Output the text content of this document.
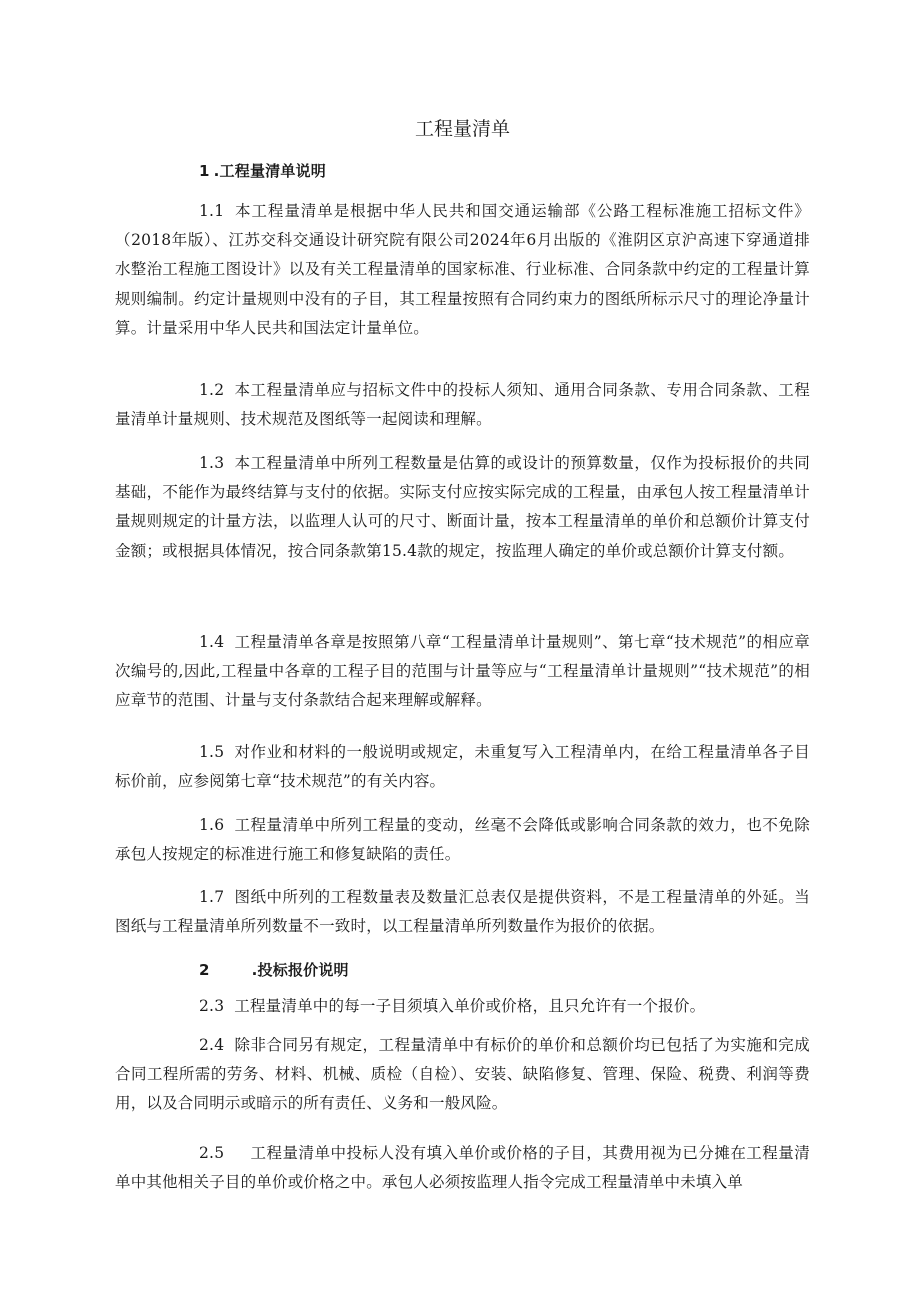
工程量清单
1 .工程量清单说明
1.1 本工程量清单是根据中华人民共和国交通运输部《公路工程标准施工招标文件》（2018年版）、江苏交科交通设计研究院有限公司2024年6月出版的《淮阴区京沪高速下穿通道排水整治工程施工图设计》以及有关工程量清单的国家标准、行业标准、合同条款中约定的工程量计算规则编制。约定计量规则中没有的子目，其工程量按照有合同约束力的图纸所标示尺寸的理论净量计算。计量采用中华人民共和国法定计量单位。
1.2 本工程量清单应与招标文件中的投标人须知、通用合同条款、专用合同条款、工程量清单计量规则、技术规范及图纸等一起阅读和理解。
1.3 本工程量清单中所列工程数量是估算的或设计的预算数量，仅作为投标报价的共同基础，不能作为最终结算与支付的依据。实际支付应按实际完成的工程量，由承包人按工程量清单计量规则规定的计量方法，以监理人认可的尺寸、断面计量，按本工程量清单的单价和总额价计算支付金额；或根据具体情况，按合同条款第15.4款的规定，按监理人确定的单价或总额价计算支付额。
1.4 工程量清单各章是按照第八章“工程量清单计量规则”、第七章“技术规范”的相应章次编号的,因此,工程量中各章的工程子目的范围与计量等应与“工程量清单计量规则”“技术规范”的相应章节的范围、计量与支付条款结合起来理解或解释。
1.5 对作业和材料的一般说明或规定，未重复写入工程清单内，在给工程量清单各子目标价前，应参阅第七章“技术规范”的有关内容。
1.6 工程量清单中所列工程量的变动，丝毫不会降低或影响合同条款的效力，也不免除承包人按规定的标准进行施工和修复缺陷的责任。
1.7 图纸中所列的工程数量表及数量汇总表仅是提供资料，不是工程量清单的外延。当图纸与工程量清单所列数量不一致时，以工程量清单所列数量作为报价的依据。
2	.投标报价说明
2.3 工程量清单中的每一子目须填入单价或价格，且只允许有一个报价。
2.4 除非合同另有规定，工程量清单中有标价的单价和总额价均已包括了为实施和完成合同工程所需的劳务、材料、机械、质检（自检）、安装、缺陷修复、管理、保险、税费、利润等费用，以及合同明示或暗示的所有责任、义务和一般风险。
2.5 工程量清单中投标人没有填入单价或价格的子目，其费用视为已分摊在工程量清单中其他相关子目的单价或价格之中。承包人必须按监理人指令完成工程量清单中未填入单
